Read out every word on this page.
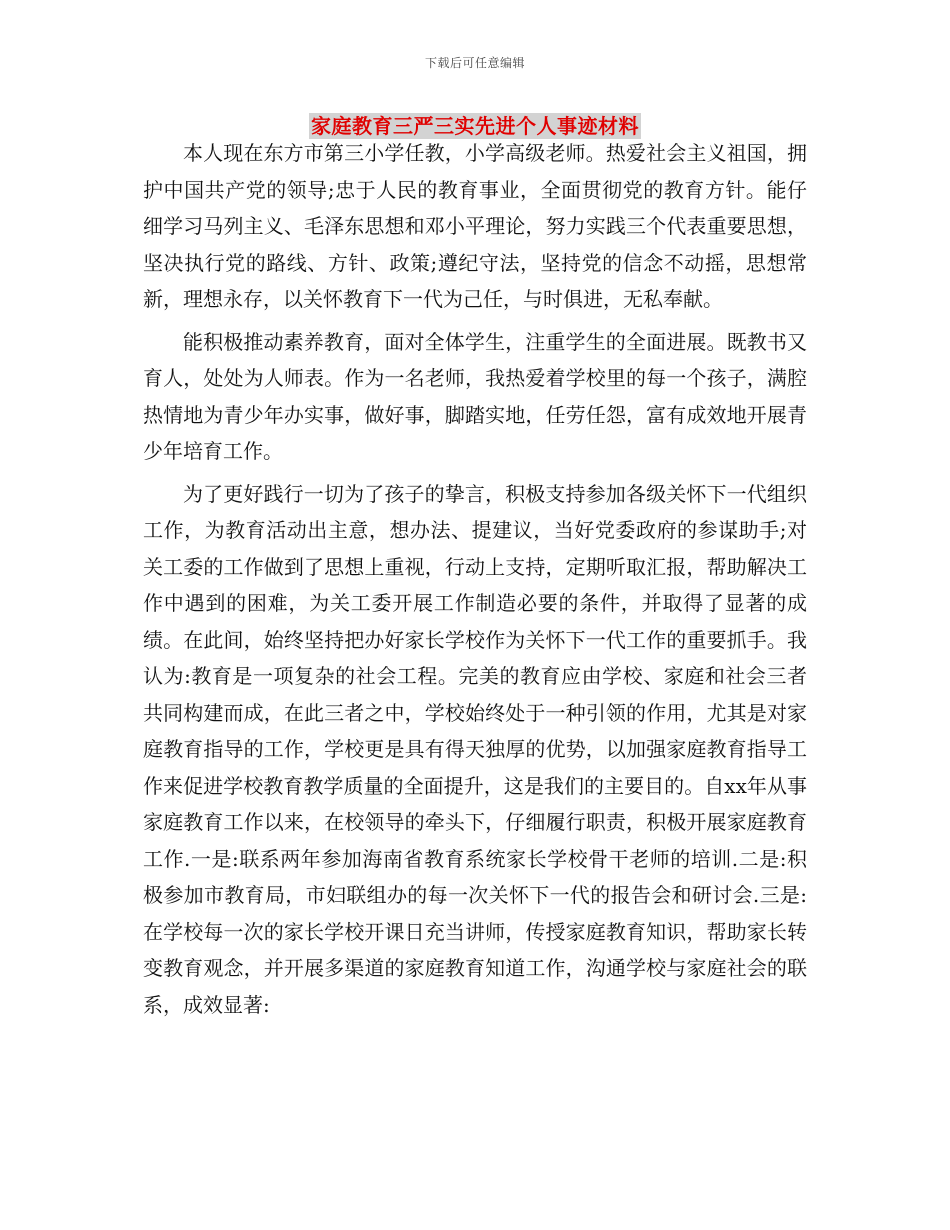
下载后可任意编辑
家庭教育三严三实先进个人事迹材料

本人现在东方市第三小学任教，小学高级老师。热爱社会主义祖国，拥护中国共产党的领导;忠于人民的教育事业，全面贯彻党的教育方针。能仔细学习马列主义、毛泽东思想和邓小平理论，努力实践三个代表重要思想，坚决执行党的路线、方针、政策;遵纪守法，坚持党的信念不动摇，思想常新，理想永存，以关怀教育下一代为己任，与时俱进，无私奉献。

能积极推动素养教育，面对全体学生，注重学生的全面进展。既教书又育人，处处为人师表。作为一名老师，我热爱着学校里的每一个孩子，满腔热情地为青少年办实事，做好事，脚踏实地，任劳任怨，富有成效地开展青少年培育工作。

为了更好践行一切为了孩子的挚言，积极支持参加各级关怀下一代组织工作，为教育活动出主意，想办法、提建议，当好党委政府的参谋助手;对关工委的工作做到了思想上重视，行动上支持，定期听取汇报，帮助解决工作中遇到的困难，为关工委开展工作制造必要的条件，并取得了显著的成绩。在此间，始终坚持把办好家长学校作为关怀下一代工作的重要抓手。我认为:教育是一项复杂的社会工程。完美的教育应由学校、家庭和社会三者共同构建而成，在此三者之中，学校始终处于一种引领的作用，尤其是对家庭教育指导的工作，学校更是具有得天独厚的优势，以加强家庭教育指导工作来促进学校教育教学质量的全面提升，这是我们的主要目的。自xx年从事家庭教育工作以来，在校领导的牵头下，仔细履行职责，积极开展家庭教育工作.一是:联系两年参加海南省教育系统家长学校骨干老师的培训.二是:积极参加市教育局，市妇联组办的每一次关怀下一代的报告会和研讨会.三是:在学校每一次的家长学校开课日充当讲师，传授家庭教育知识，帮助家长转变教育观念，并开展多渠道的家庭教育知道工作，沟通学校与家庭社会的联系，成效显著:
